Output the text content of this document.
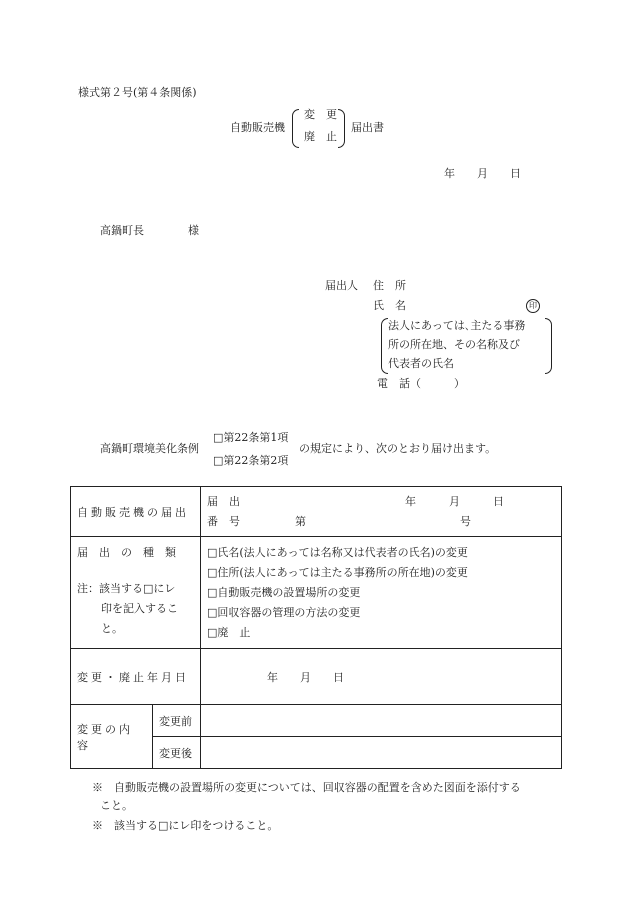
様式第２号(第４条関係)
自動販売機
変　更
廃　止
届出書
年　　月　　日
高鍋町長　　　　様
届出人 住　所
氏　名	印
法人にあっては､主たる事務
所の所在地、その名称及び
代表者の氏名
電　話（　　　）
高鍋町環境美化条例
□第22条第1項
□第22条第2項
の規定により、次のとおり届け出ます。
自動販売機の届出		届　出　　　　　　　　　　　　　　　年　　　月　　　日
番　号　　　　　第　　　　　　　　　　　　　　号

届　出　の　種　類
注：該当する□にレ
印を記入するこ
と。		□氏名(法人にあっては名称又は代表者の氏名)の変更
□住所(法人にあっては主たる事務所の所在地)の変更
□自動販売機の設置場所の変更
□回収容器の管理の方法の変更
□廃　止

変更・廃止年月日		年　　月　　日
変更の内容	変更前	
	変更後	
※　自動販売機の設置場所の変更については、回収容器の配置を含めた図面を添付する
こと。
※　該当する□にレ印をつけること。
